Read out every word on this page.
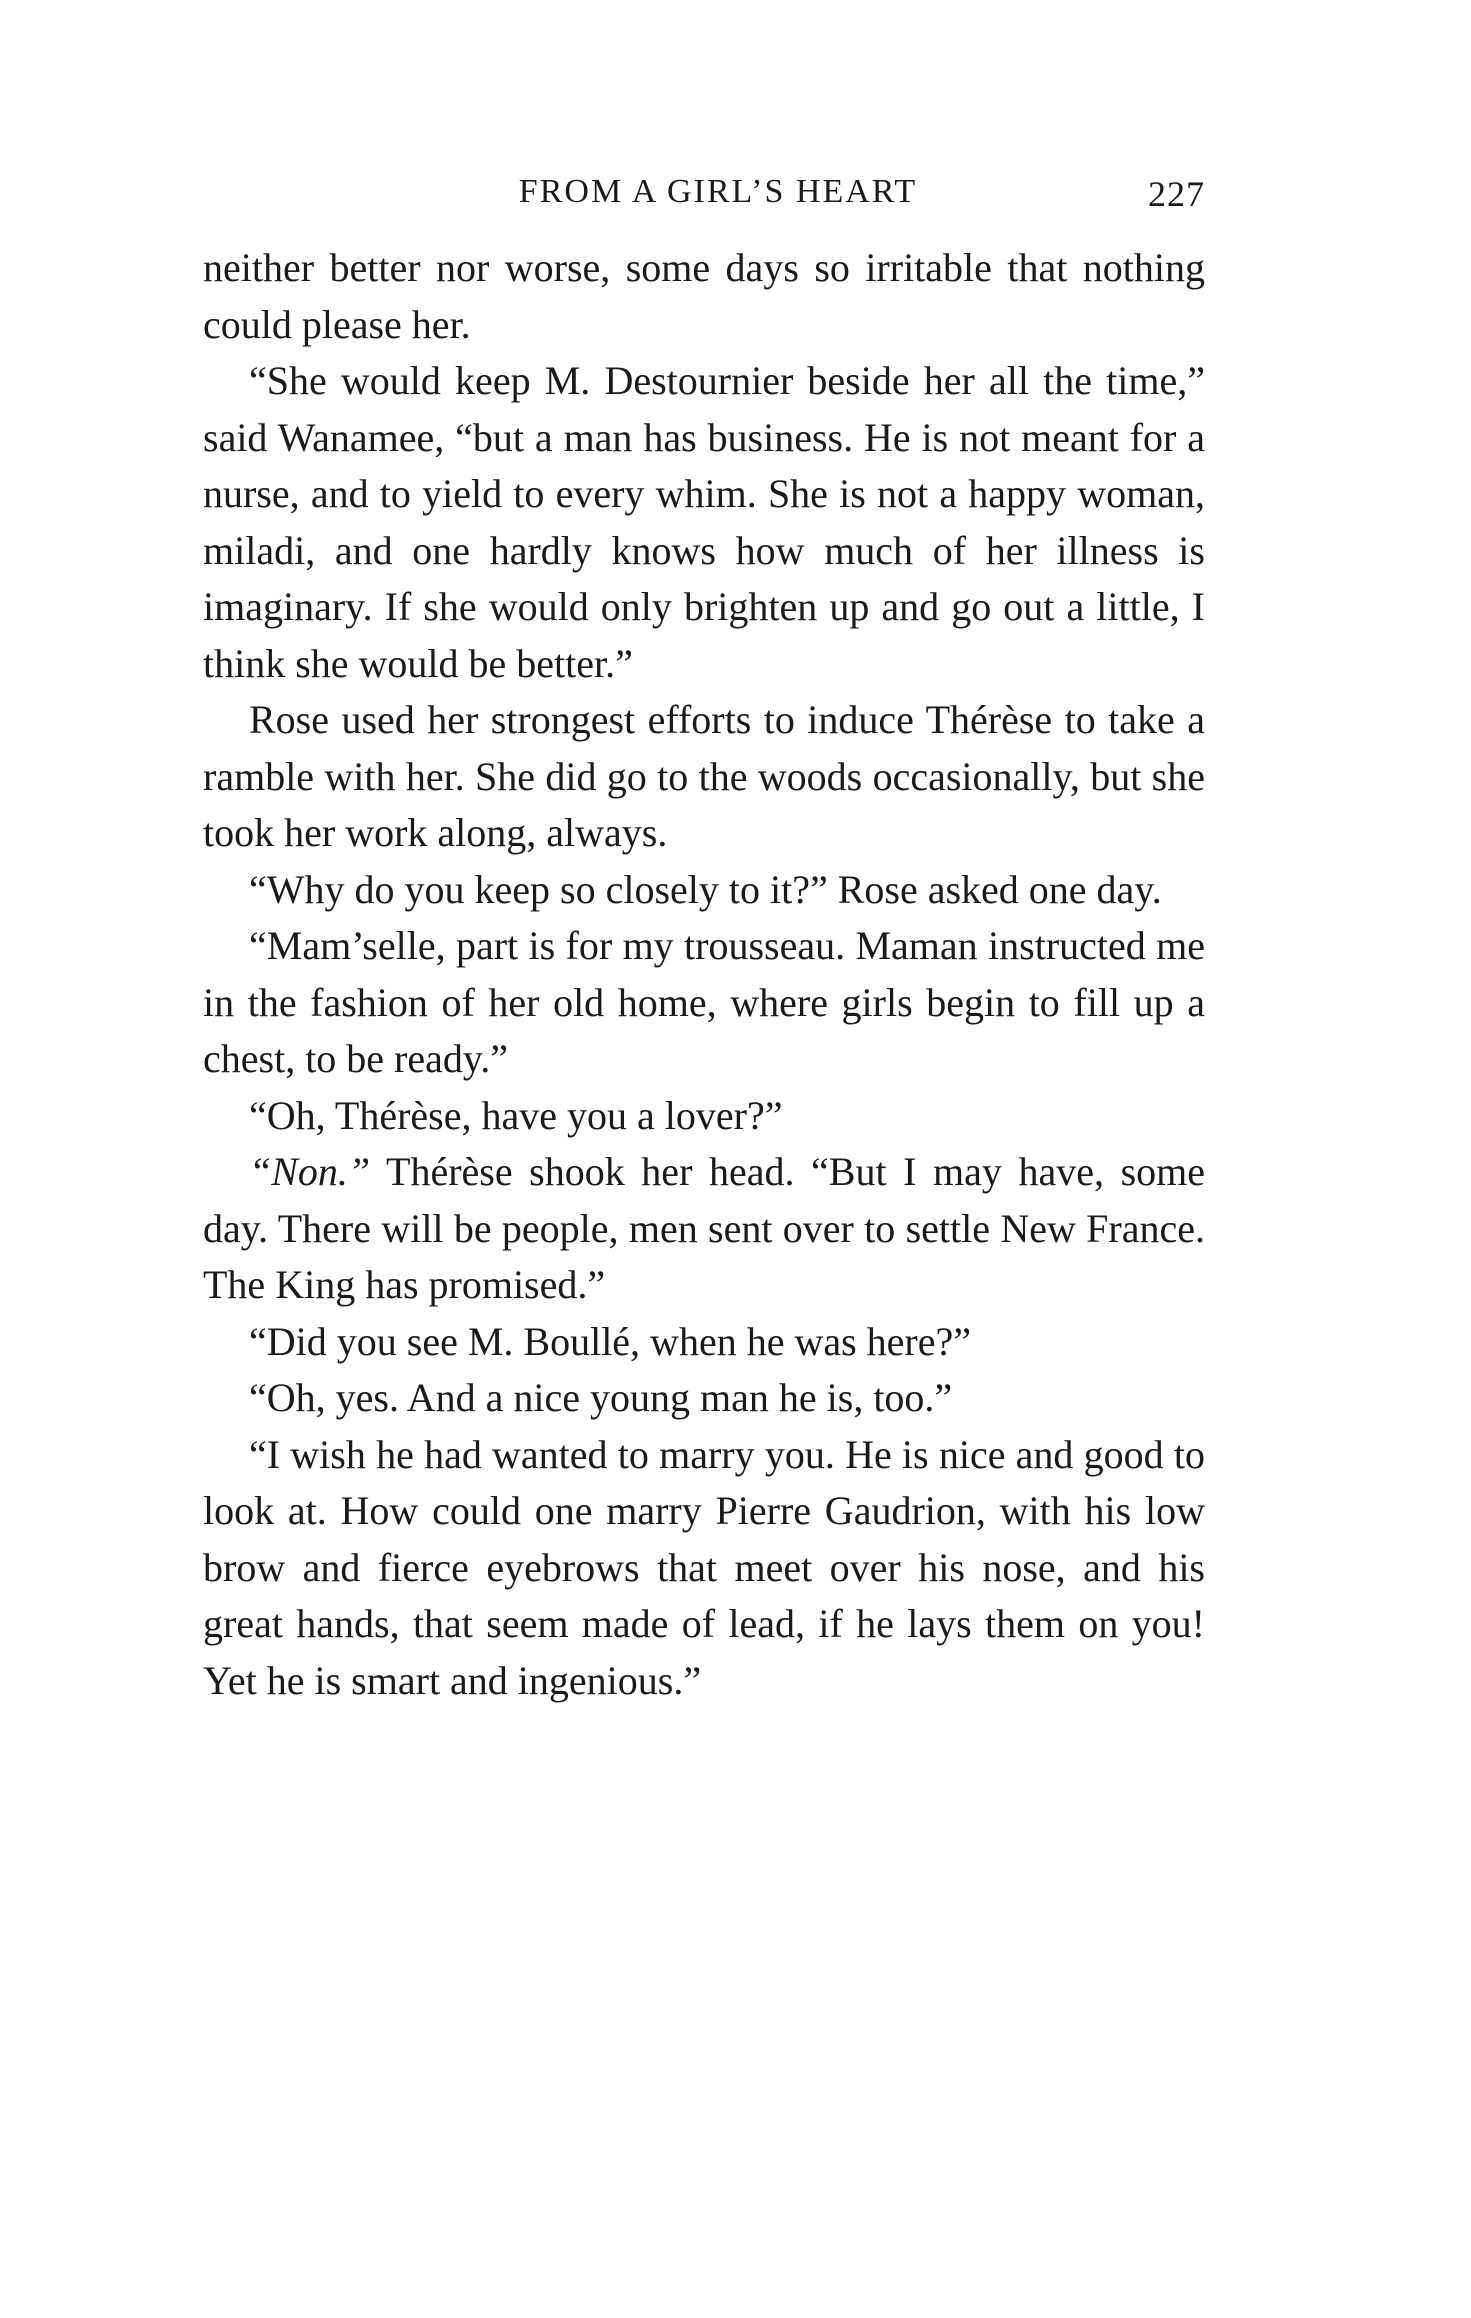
FROM A GIRL’S HEART	227

neither better nor worse, some days so irritable that nothing could please her.

“She would keep M. Destournier beside her all the time,” said Wanamee, “but a man has business. He is not meant for a nurse, and to yield to every whim. She is not a happy woman, miladi, and one hardly knows how much of her illness is imaginary. If she would only brighten up and go out a little, I think she would be better.”

Rose used her strongest efforts to induce Thérèse to take a ramble with her. She did go to the woods occasionally, but she took her work along, always.

“Why do you keep so closely to it?” Rose asked one day.

“Mam’selle, part is for my trousseau. Maman instructed me in the fashion of her old home, where girls begin to fill up a chest, to be ready.”

“Oh, Thérèse, have you a lover?”

“Non.” Thérèse shook her head. “But I may have, some day. There will be people, men sent over to settle New France. The King has promised.”

“Did you see M. Boullé, when he was here?”

“Oh, yes. And a nice young man he is, too.”

“I wish he had wanted to marry you. He is nice and good to look at. How could one marry Pierre Gaudrion, with his low brow and fierce eyebrows that meet over his nose, and his great hands, that seem made of lead, if he lays them on you! Yet he is smart and ingenious.”
